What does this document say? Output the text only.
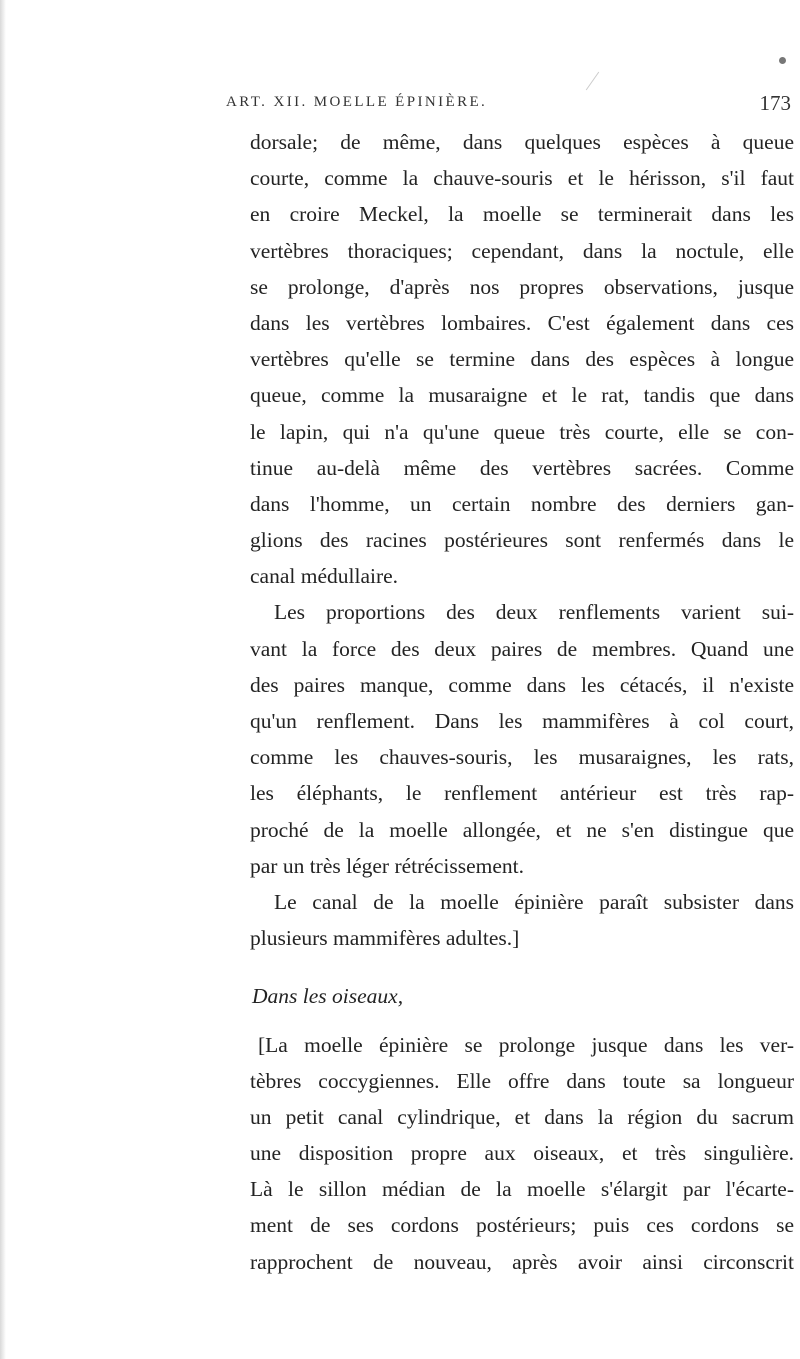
ART. XII. MOELLE ÉPINIÈRE.	173
dorsale; de même, dans quelques espèces à queue
courte, comme la chauve-souris et le hérisson, s'il faut
en croire Meckel, la moelle se terminerait dans les
vertèbres thoraciques; cependant, dans la noctule, elle
se prolonge, d'après nos propres observations, jusque
dans les vertèbres lombaires. C'est également dans ces
vertèbres qu'elle se termine dans des espèces à longue
queue, comme la musaraigne et le rat, tandis que dans
le lapin, qui n'a qu'une queue très courte, elle se con-
tinue au-delà même des vertèbres sacrées. Comme
dans l'homme, un certain nombre des derniers gan-
glions des racines postérieures sont renfermés dans le
canal médullaire.
Les proportions des deux renflements varient sui-
vant la force des deux paires de membres. Quand une
des paires manque, comme dans les cétacés, il n'existe
qu'un renflement. Dans les mammifères à col court,
comme les chauves-souris, les musaraignes, les rats,
les éléphants, le renflement antérieur est très rap-
proché de la moelle allongée, et ne s'en distingue que
par un très léger rétrécissement.
Le canal de la moelle épinière paraît subsister dans
plusieurs mammifères adultes.]
Dans les oiseaux,
[La moelle épinière se prolonge jusque dans les ver-
tèbres coccygiennes. Elle offre dans toute sa longueur
un petit canal cylindrique, et dans la région du sacrum
une disposition propre aux oiseaux, et très singulière.
Là le sillon médian de la moelle s'élargit par l'écarte-
ment de ses cordons postérieurs; puis ces cordons se
rapprochent de nouveau, après avoir ainsi circonscrit
